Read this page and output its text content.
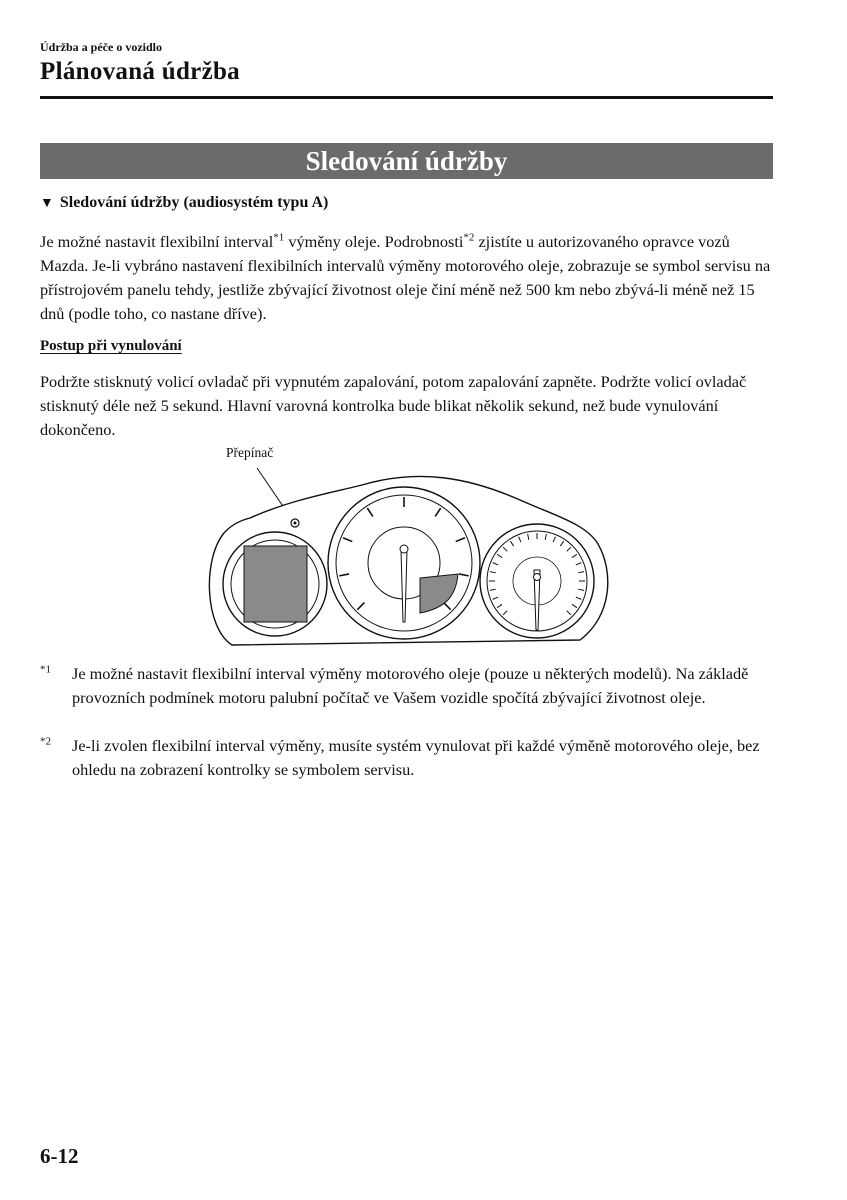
Údržba a péče o vozidlo
Plánovaná údržba
Sledování údržby
▼ Sledování údržby (audiosystém typu A)

Je možné nastavit flexibilní interval$^{*1}$ výměny oleje. Podrobnosti$^{*2}$ zjistíte u autorizovaného opravce vozů Mazda. Je-li vybráno nastavení flexibilních intervalů výměny motorového oleje, zobrazuje se symbol servisu na přístrojovém panelu tehdy, jestliže zbývající životnost oleje činí méně než 500 km nebo zbývá-li méně než 15 dnů (podle toho, co nastane dříve).

Postup při vynulování

Podržte stisknutý volicí ovladač při vypnutém zapalování, potom zapalování zapněte. Podržte volicí ovladač stisknutý déle než 5 sekund. Hlavní varovná kontrolka bude blikat několik sekund, než bude vynulování dokončeno.

Přepínač
$^{*1}$	Je možné nastavit flexibilní interval výměny motorového oleje (pouze u některých modelů). Na základě provozních podmínek motoru palubní počítač ve Vašem vozidle spočítá zbývající životnost oleje.
$^{*2}$	Je-li zvolen flexibilní interval výměny, musíte systém vynulovat při každé výměně motorového oleje, bez ohledu na zobrazení kontrolky se symbolem servisu.
6-12
